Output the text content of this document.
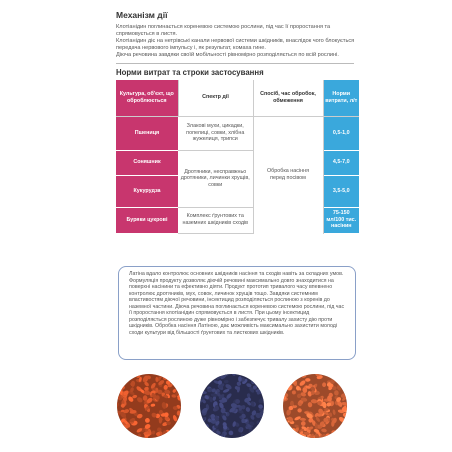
Механізм дії

Клотіанідин поглинається кореневою системою рослини, під час її проростання та спрямовується в листя.

Клотіанідин діє на нетрівські канали нервової системи шкідників, внаслідок чого блокується передача нервового імпульсу і, як результат, комаха гине.

Діюча речовина завдяки своїй мобільності рівномірно розподіляється по всій рослині.

Норми витрат та строки застосування
Культура, об'єкт, що оброблюється	Спектр дії	Спосіб, час обробок, обмеження	Норми витрати, л/т
Пшениця	Злакові мухи, цикадки, попелиці, совки, хлібна жужелиця, трипси	Обробка насіння перед посівом	0,5-1,0
Соняшник	Дротяники, несправжньо дротяники, личинки хрущів, совки		4,5-7,0
Кукурудза			3,5-5,0
Буряки цукрові	Комплекс ґрунтових та наземних шкідників сходів		75-150 мл/100 тис. насінин
Латіна вдало контролює основних шкідників насіння та сходів навіть за складних умов. Формуляція продукту дозволяє діючій речовині максимально довго знаходитися на поверхні насінини та ефективно діяти. Продукт прототип тривалого часу впевнено контролює дротяників, мух, совок, личинок хрущів тощо. Завдяки системним властивостям діючої речовини, інсектицид розподіляється рослиною з коренів до наземної частини. Діюча речовина поглинається кореневою системою рослини, під час її проростання клотіанідин спрямовується в листя. При цьому інсектицид розподіляється рослиною дуже рівномірно і забезпечує тривалу захисту дію проти шкідників. Обробка насіння Латіною, дає можливість максимально захистити молоді сходи культури від більшості ґрунтових та листкових шкідників.
